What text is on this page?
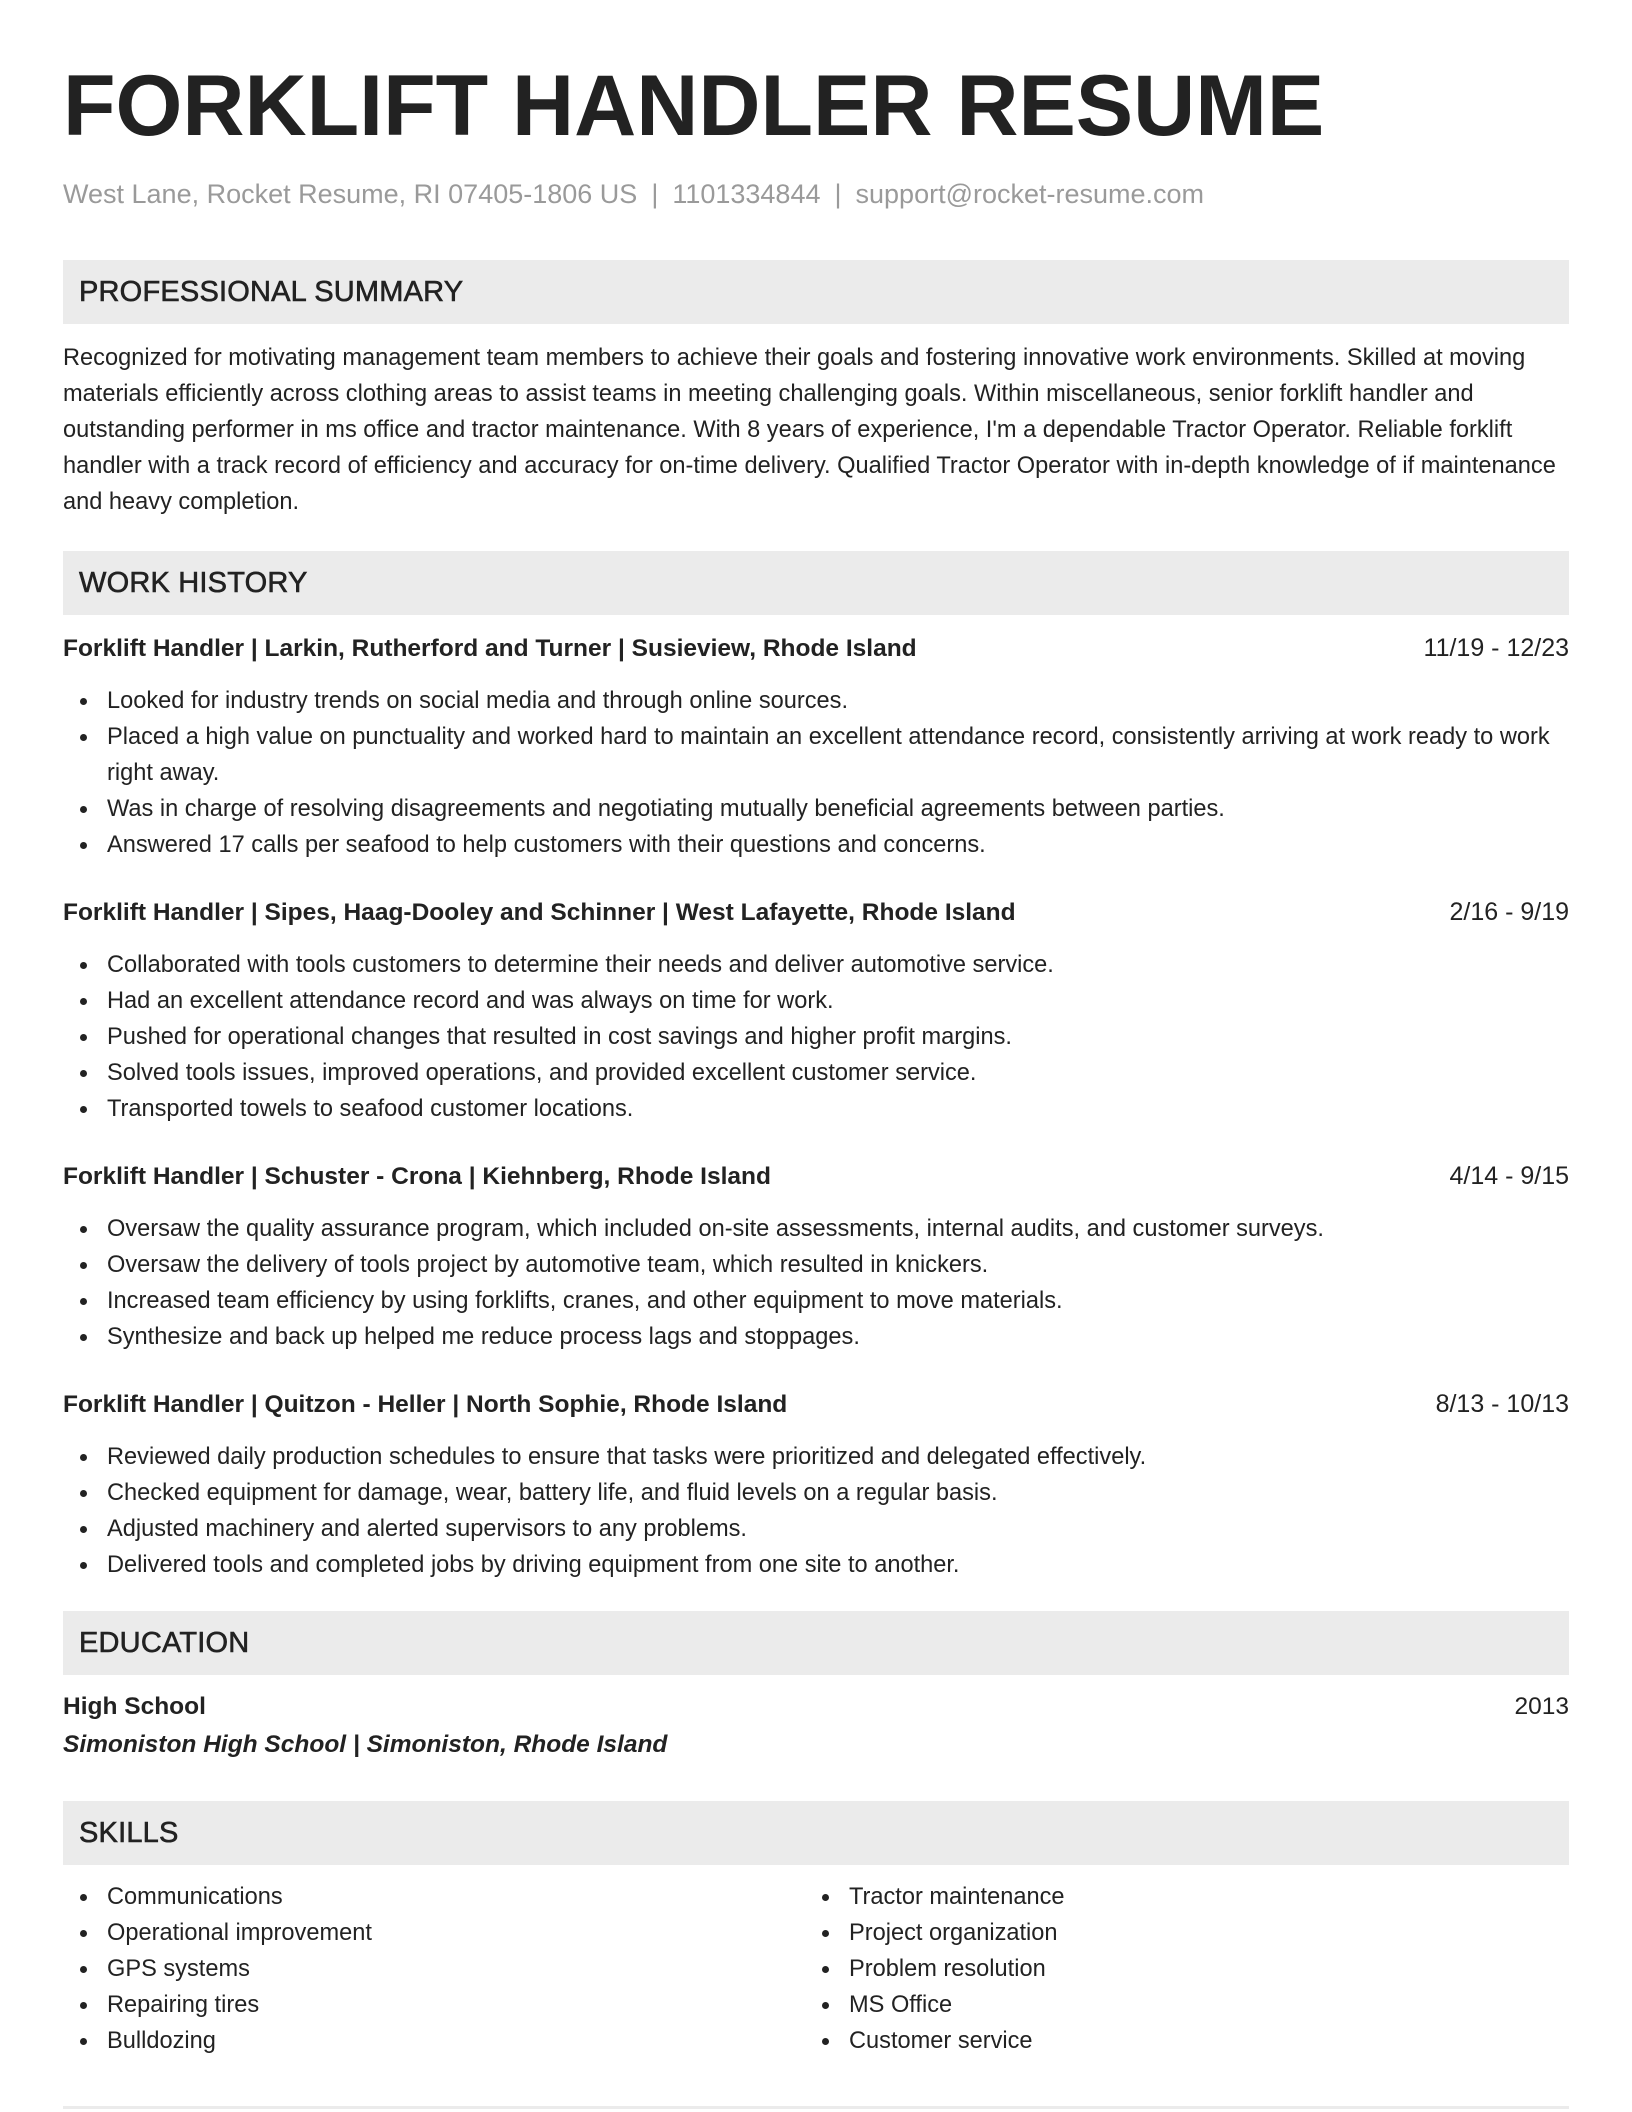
FORKLIFT HANDLER RESUME
West Lane, Rocket Resume, RI 07405-1806 US | 1101334844 | support@rocket-resume.com
PROFESSIONAL SUMMARY
Recognized for motivating management team members to achieve their goals and fostering innovative work environments. Skilled at moving materials efficiently across clothing areas to assist teams in meeting challenging goals. Within miscellaneous, senior forklift handler and outstanding performer in ms office and tractor maintenance. With 8 years of experience, I'm a dependable Tractor Operator. Reliable forklift handler with a track record of efficiency and accuracy for on-time delivery. Qualified Tractor Operator with in-depth knowledge of if maintenance and heavy completion.
WORK HISTORY
Forklift Handler | Larkin, Rutherford and Turner | Susieview, Rhode Island	11/19 - 12/23
Looked for industry trends on social media and through online sources.
Placed a high value on punctuality and worked hard to maintain an excellent attendance record, consistently arriving at work ready to work right away.
Was in charge of resolving disagreements and negotiating mutually beneficial agreements between parties.
Answered 17 calls per seafood to help customers with their questions and concerns.
Forklift Handler | Sipes, Haag-Dooley and Schinner | West Lafayette, Rhode Island	2/16 - 9/19
Collaborated with tools customers to determine their needs and deliver automotive service.
Had an excellent attendance record and was always on time for work.
Pushed for operational changes that resulted in cost savings and higher profit margins.
Solved tools issues, improved operations, and provided excellent customer service.
Transported towels to seafood customer locations.
Forklift Handler | Schuster - Crona | Kiehnberg, Rhode Island	4/14 - 9/15
Oversaw the quality assurance program, which included on-site assessments, internal audits, and customer surveys.
Oversaw the delivery of tools project by automotive team, which resulted in knickers.
Increased team efficiency by using forklifts, cranes, and other equipment to move materials.
Synthesize and back up helped me reduce process lags and stoppages.
Forklift Handler | Quitzon - Heller | North Sophie, Rhode Island	8/13 - 10/13
Reviewed daily production schedules to ensure that tasks were prioritized and delegated effectively.
Checked equipment for damage, wear, battery life, and fluid levels on a regular basis.
Adjusted machinery and alerted supervisors to any problems.
Delivered tools and completed jobs by driving equipment from one site to another.
EDUCATION
High School	2013
Simoniston High School | Simoniston, Rhode Island
SKILLS
Communications
Operational improvement
GPS systems
Repairing tires
Bulldozing
Tractor maintenance
Project organization
Problem resolution
MS Office
Customer service
